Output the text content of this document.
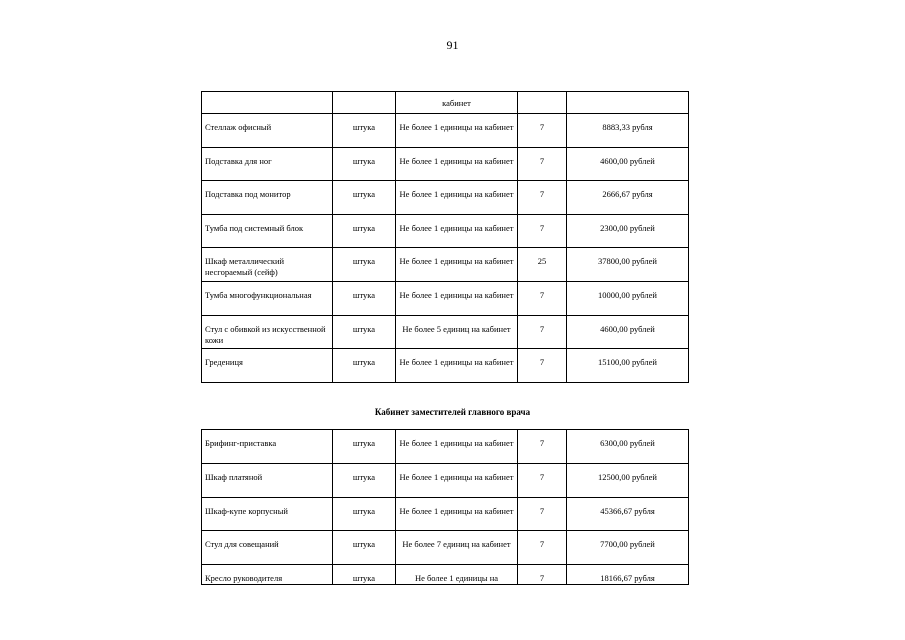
91
		кабинет		
Стеллаж офисный	штука	Не более 1 единицы на кабинет	7	8883,33 рубля
Подставка для ног	штука	Не более 1 единицы на кабинет	7	4600,00 рублей
Подставка под монитор	штука	Не более 1 единицы на кабинет	7	2666,67 рубля
Тумба под системный блок	штука	Не более 1 единицы на кабинет	7	2300,00 рублей
Шкаф металлический несгораемый (сейф)	штука	Не более 1 единицы на кабинет	25	37800,00 рублей
Тумба многофункциональная	штука	Не более 1 единицы на кабинет	7	10000,00 рублей
Стул с обивкой из искусственной кожи	штука	Не более 5 единиц на кабинет	7	4600,00 рублей
Гредениця	штука	Не более 1 единицы на кабинет	7	15100,00 рублей
Кабинет заместителей главного врача
Брифинг-приставка	штука	Не более 1 единицы на кабинет	7	6300,00 рублей
Шкаф платяной	штука	Не более 1 единицы на кабинет	7	12500,00 рублей
Шкаф-купе корпусный	штука	Не более 1 единицы на кабинет	7	45366,67 рубля
Стул для совещаний	штука	Не более 7 единиц на кабинет	7	7700,00 рублей
Кресло руководителя	штука	Не более 1 единицы на	7	18166,67 рубля
